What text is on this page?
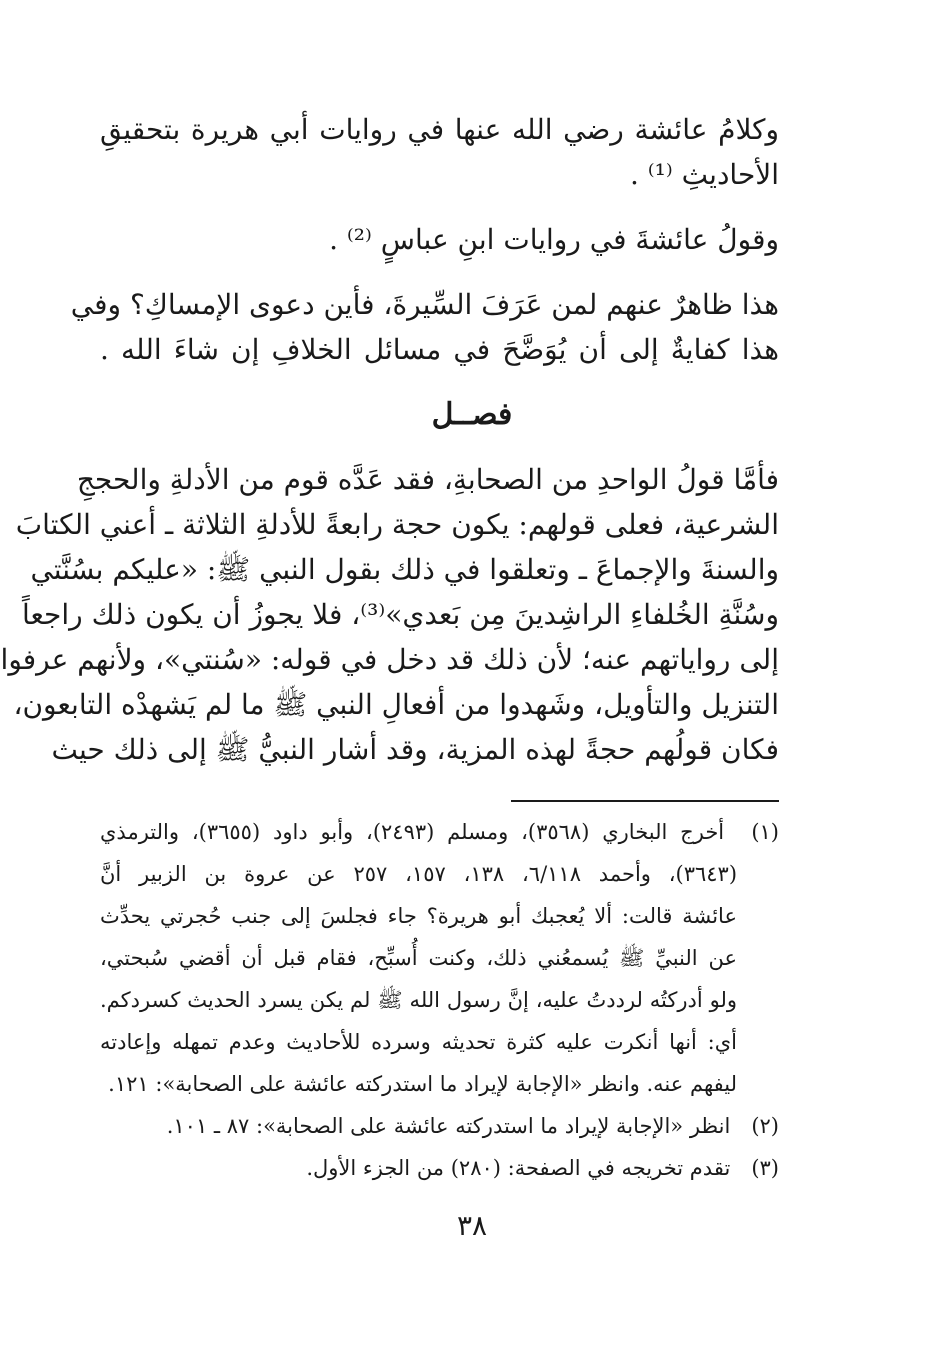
وكلامُ عائشة رضي الله عنها في روايات أبي هريرة بتحقيقِ
الأحاديثِ ⁽¹⁾ .
وقولُ عائشةَ في روايات ابنِ عباسٍ ⁽²⁾ .
هذا ظاهرٌ عنهم لمن عَرَفَ السِّيرةَ، فأين دعوى الإمساكِ؟ وفي
هذا كفايةٌ إلى أن يُوَضَّحَ في مسائل الخلافِ إن شاءَ الله .
فصــل
فأمَّا قولُ الواحدِ من الصحابةِ، فقد عَدَّه قوم من الأدلةِ والحججِ
الشرعية، فعلى قولهم: يكون حجة رابعةً للأدلةِ الثلاثة ـ أعني الكتابَ
والسنةَ والإجماعَ ـ وتعلقوا في ذلك بقول النبي ﷺ: «عليكم بسُنَّتي
وسُنَّةِ الخُلفاءِ الراشِدينَ مِن بَعدي»⁽³⁾، فلا يجوزُ أن يكون ذلك راجعاً
إلى رواياتهم عنه؛ لأن ذلك قد دخل في قوله: «سُنتي»، ولأنهم عرفوا
التنزيل والتأويل، وشَهدوا من أفعالِ النبي ﷺ ما لم يَشهدْه التابعون،
فكان قولُهم حجةً لهذه المزية، وقد أشار النبيُّ ﷺ إلى ذلك حيث
(١) أخرج البخاري (٣٥٦٨)، ومسلم (٢٤٩٣)، وأبو داود (٣٦٥٥)، والترمذي
(٣٦٤٣)، وأحمد ٦/١١٨، ١٣٨، ١٥٧، ٢٥٧ عن عروة بن الزبير أنَّ
عائشة قالت: ألا يُعجبك أبو هريرة؟ جاء فجلسَ إلى جنب حُجرتي يحدِّث
عن النبيِّ ﷺ يُسمعُني ذلك، وكنت أُسبِّح، فقام قبل أن أقضي سُبحتي،
ولو أدركتُه لرددتُ عليه، إنَّ رسول الله ﷺ لم يكن يسرد الحديث كسردكم.
أي: أنها أنكرت عليه كثرة تحديثه وسرده للأحاديث وعدم تمهله وإعادته
ليفهم عنه. وانظر «الإجابة لإيراد ما استدركته عائشة على الصحابة»: ١٢١.
(٢) انظر «الإجابة لإيراد ما استدركته عائشة على الصحابة»: ٨٧ ـ ١٠١.
(٣) تقدم تخريجه في الصفحة: (٢٨٠) من الجزء الأول.
٣٨
